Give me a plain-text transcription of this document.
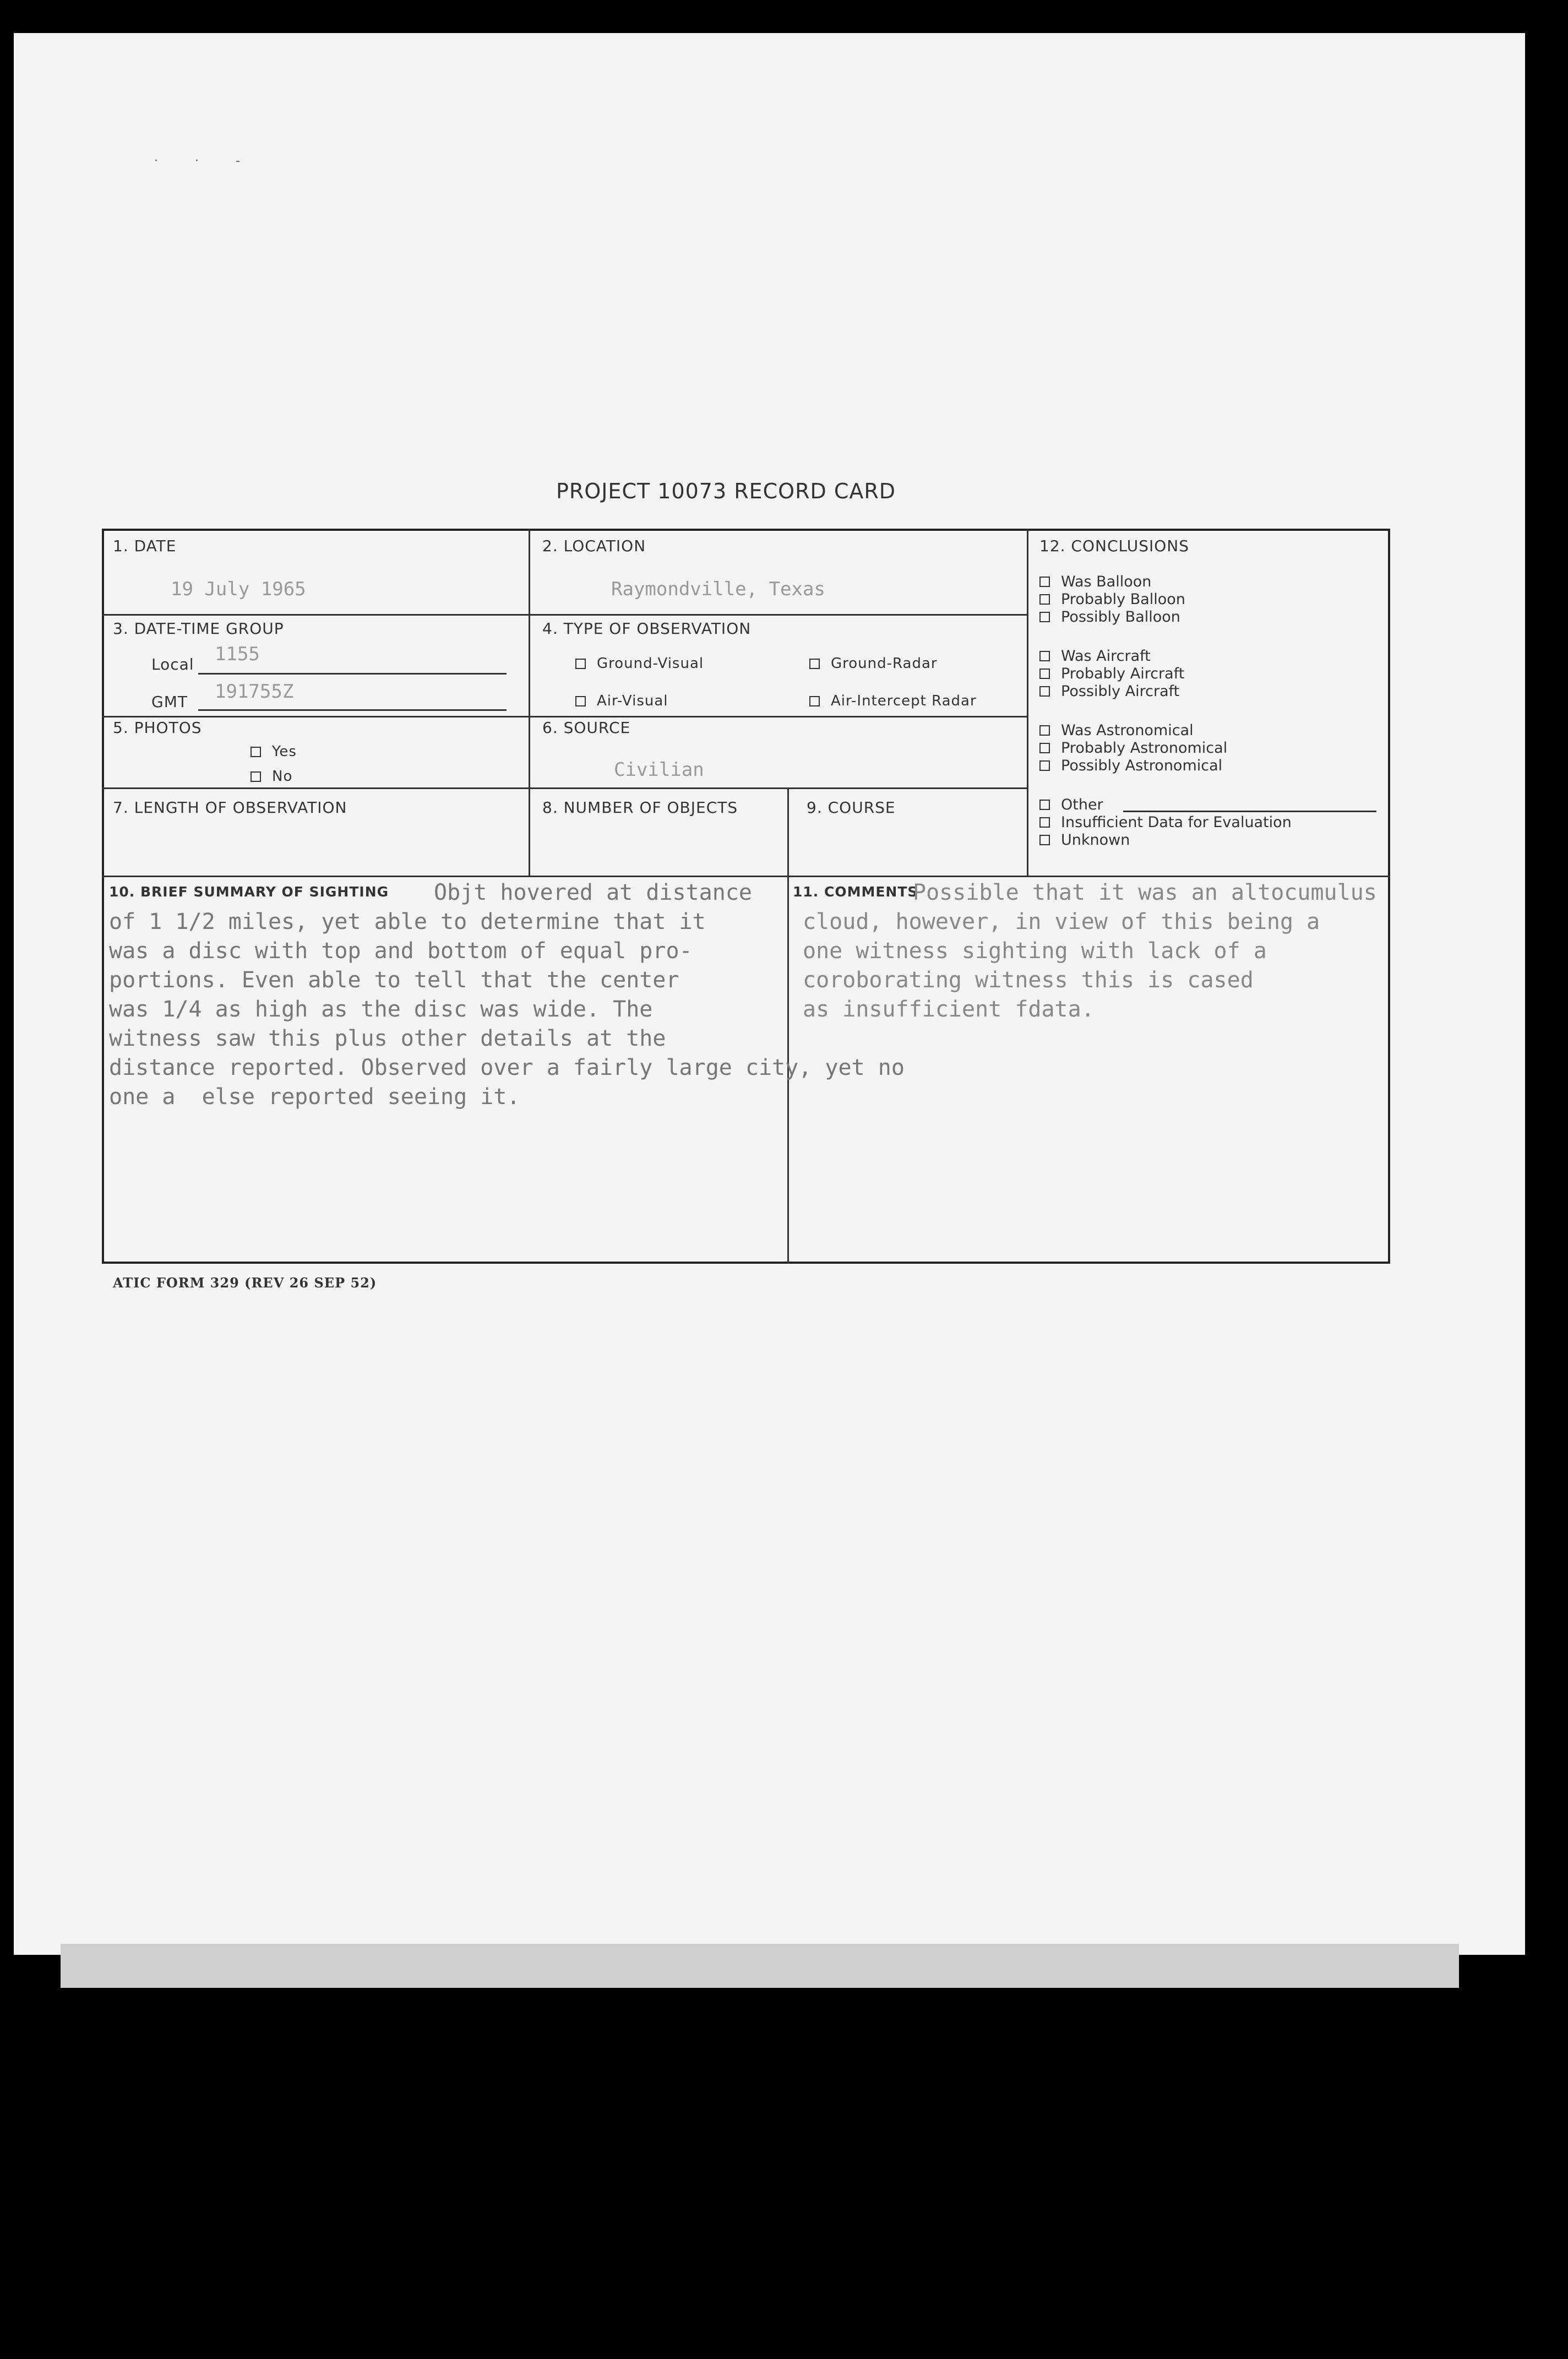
· · -
PROJECT 10073 RECORD CARD
1. DATE
19 July 1965
2. LOCATION
Raymondville, Texas
3. DATE-TIME GROUP
Local 1155
GMT 191755Z
4. TYPE OF OBSERVATION
Ground-Visual	Ground-Radar
Air-Visual	Air-Intercept Radar
5. PHOTOS
Yes
No
6. SOURCE
Civilian
7. LENGTH OF OBSERVATION	8. NUMBER OF OBJECTS	9. COURSE
12. CONCLUSIONS
Was Balloon
Probably Balloon
Possibly Balloon
Was Aircraft
Probably Aircraft
Possibly Aircraft
Was Astronomical
Probably Astronomical
Possibly Astronomical
Other
Insufficient Data for Evaluation
Unknown
10. BRIEF SUMMARY OF SIGHTING	Objt hovered at distance
of 1 1/2 miles, yet able to determine that it
was a disc with top and bottom of equal pro-
portions. Even able to tell that the center
was 1/4 as high as the disc was wide. The
witness saw this plus other details at the
distance reported. Observed over a fairly large city, yet no
one a  else reported seeing it.
11. COMMENTS
Possible that it was an altocumulus
cloud, however, in view of this being a
one witness sighting with lack of a
coroborating witness this is cased
as insufficient fdata.
ATIC FORM 329 (REV 26 SEP 52)
